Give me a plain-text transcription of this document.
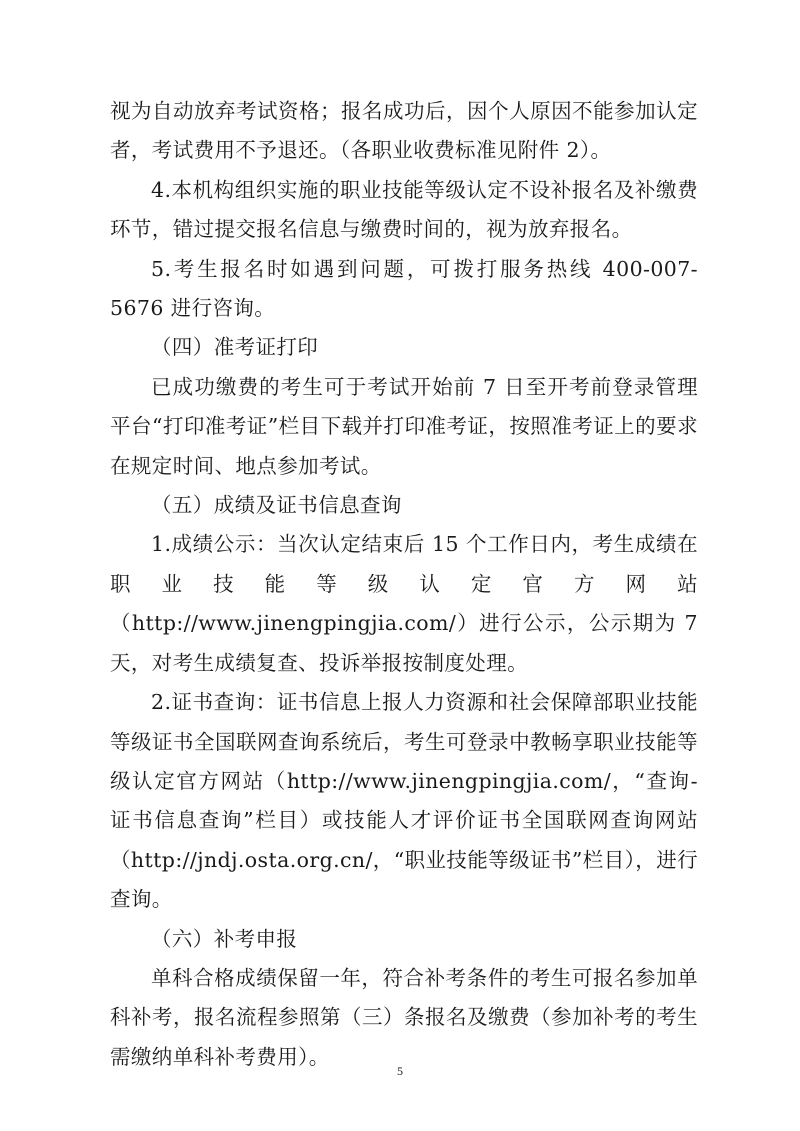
视为自动放弃考试资格；报名成功后，因个人原因不能参加认定者，考试费用不予退还。（各职业收费标准见附件 2）。

4.本机构组织实施的职业技能等级认定不设补报名及补缴费环节，错过提交报名信息与缴费时间的，视为放弃报名。

5.考生报名时如遇到问题，可拨打服务热线 400-007-5676 进行咨询。

（四）准考证打印

已成功缴费的考生可于考试开始前 7 日至开考前登录管理平台“打印准考证”栏目下载并打印准考证，按照准考证上的要求在规定时间、地点参加考试。

（五）成绩及证书信息查询

1.成绩公示：当次认定结束后 15 个工作日内，考生成绩在职业技能等级认定官方网站（http://www.jinengpingjia.com/）进行公示，公示期为 7 天，对考生成绩复查、投诉举报按制度处理。

2.证书查询：证书信息上报人力资源和社会保障部职业技能等级证书全国联网查询系统后，考生可登录中教畅享职业技能等级认定官方网站（http://www.jinengpingjia.com/，“查询-证书信息查询”栏目）或技能人才评价证书全国联网查询网站（http://jndj.osta.org.cn/，“职业技能等级证书”栏目），进行查询。

（六）补考申报

单科合格成绩保留一年，符合补考条件的考生可报名参加单科补考，报名流程参照第（三）条报名及缴费（参加补考的考生需缴纳单科补考费用）。

5
